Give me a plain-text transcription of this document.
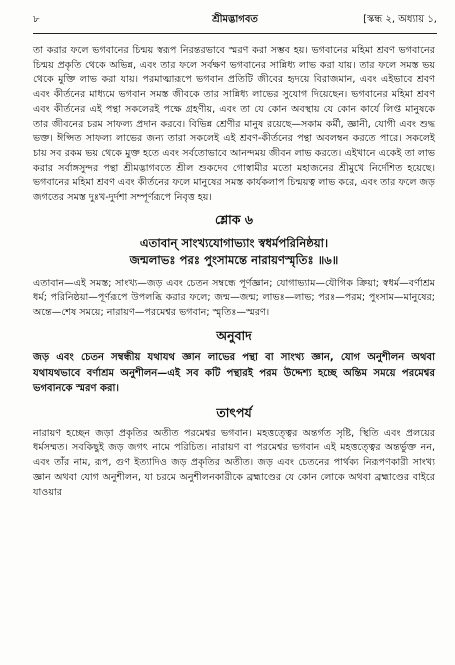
৮	শ্রীমদ্ভাগবত	[স্কন্ধ ২, অধ্যায় ১,

তা করার ফলে ভগবানের চিন্ময় স্বরূপ নিরন্তরভাবে স্মরণ করা সম্ভব হয়। ভগবানের মহিমা শ্রবণ ভগবানের চিন্ময় প্রকৃতি থেকে অভিন্ন, এবং তার ফলে সর্বক্ষণ ভগবানের সান্নিধ্য লাভ করা যায়। তার ফলে সমস্ত ভয় থেকে মুক্তি লাভ করা যায়। পরমাত্মারূপে ভগবান প্রতিটি জীবের হৃদয়ে বিরাজমান, এবং এইভাবে শ্রবণ এবং কীর্তনের মাধ্যমে ভগবান সমস্ত জীবকে তার সান্নিধ্য লাভের সুযোগ দিয়েছেন। ভগবানের মহিমা শ্রবণ এবং কীর্তনের এই পন্থা সকলেরই পক্ষে গ্রহণীয়, এবং তা যে কোন অবস্থায় যে কোন কার্যে লিপ্ত মানুষকে তার জীবনের চরম সাফল্য প্রদান করবে। বিভিন্ন শ্রেণীর মানুষ রয়েছে—সকাম কর্মী, জ্ঞানী, যোগী এবং শুদ্ধ ভক্ত। ঈপ্সিত সাফল্য লাভের জন্য তারা সকলেই এই শ্রবণ-কীর্তনের পন্থা অবলম্বন করতে পারে। সকলেই চায় সব রকম ভয় থেকে মুক্ত হতে এবং সর্বতোভাবে আনন্দময় জীবন লাভ করতে। এইখানে একেই তা লাভ করার সর্বাঙ্গসুন্দর পন্থা শ্রীমদ্ভাগবতে শ্রীল শুকদেব গোস্বামীর মতো মহাজনের শ্রীমুখে নির্দেশিত হয়েছে। ভগবানের মহিমা শ্রবণ এবং কীর্তনের ফলে মানুষের সমস্ত কার্যকলাপ চিন্ময়ত্ব লাভ করে, এবং তার ফলে জড় জগতের সমস্ত দুঃখ-দুর্দশা সম্পূর্ণরূপে নিবৃত্ত হয়।

শ্লোক ৬
এতাবান্ সাংখ্যযোগাভ্যাং স্বধর্মপরিনিষ্ঠয়া।
জন্মলাভঃ পরঃ পুংসামন্তে নারায়ণস্মৃতিঃ ॥৬॥

এতাবান—এই সমস্ত; সাংখ্য—জড় এবং চেতন সম্বন্ধে পূর্ণজ্ঞান; যোগাভ্যাম—যৌগিক ক্রিয়া; স্বধর্ম—বর্ণাশ্রম ধর্ম; পরিনিষ্ঠয়া—পূর্ণরূপে উপলব্ধি করার ফলে; জন্ম—জন্ম; লাভঃ—লাভ; পরঃ—পরম; পুংসাম—মানুষের; অন্তে—শেষ সময়ে; নারায়ণ—পরমেশ্বর ভগবান; স্মৃতিঃ—স্মরণ।

অনুবাদ

জড় এবং চেতন সম্বন্ধীয় যথাযথ জ্ঞান লাভের পন্থা বা সাংখ্য জ্ঞান, যোগ অনুশীলন অথবা যথাযথভাবে বর্ণাশ্রম অনুশীলন—এই সব কটি পন্থারই পরম উদ্দেশ্য হচ্ছে অন্তিম সময়ে পরমেশ্বর ভগবানকে স্মরণ করা।

তাৎপর্য

নারায়ণ হচ্ছেন জড়া প্রকৃতির অতীত পরমেশ্বর ভগবান। মহত্তত্ত্বের অন্তর্গত সৃষ্টি, স্থিতি এবং প্রলয়ের ধর্মসম্মত। সবকিছুই জড় জগৎ নামে পরিচিত। নারায়ণ বা পরমেশ্বর ভগবান এই মহত্তত্ত্বের অন্তর্ভুক্ত নন, এবং তাঁর নাম, রূপ, গুণ ইত্যাদিও জড় প্রকৃতির অতীত। জড় এবং চেতনের পার্থক্য নিরূপণকারী সাংখ্য জ্ঞান অথবা যোগ অনুশীলন, যা চরমে অনুশীলনকারীকে ব্রহ্মাণ্ডের যে কোন লোকে অথবা ব্রহ্মাণ্ডের বাইরে যাওয়ার
